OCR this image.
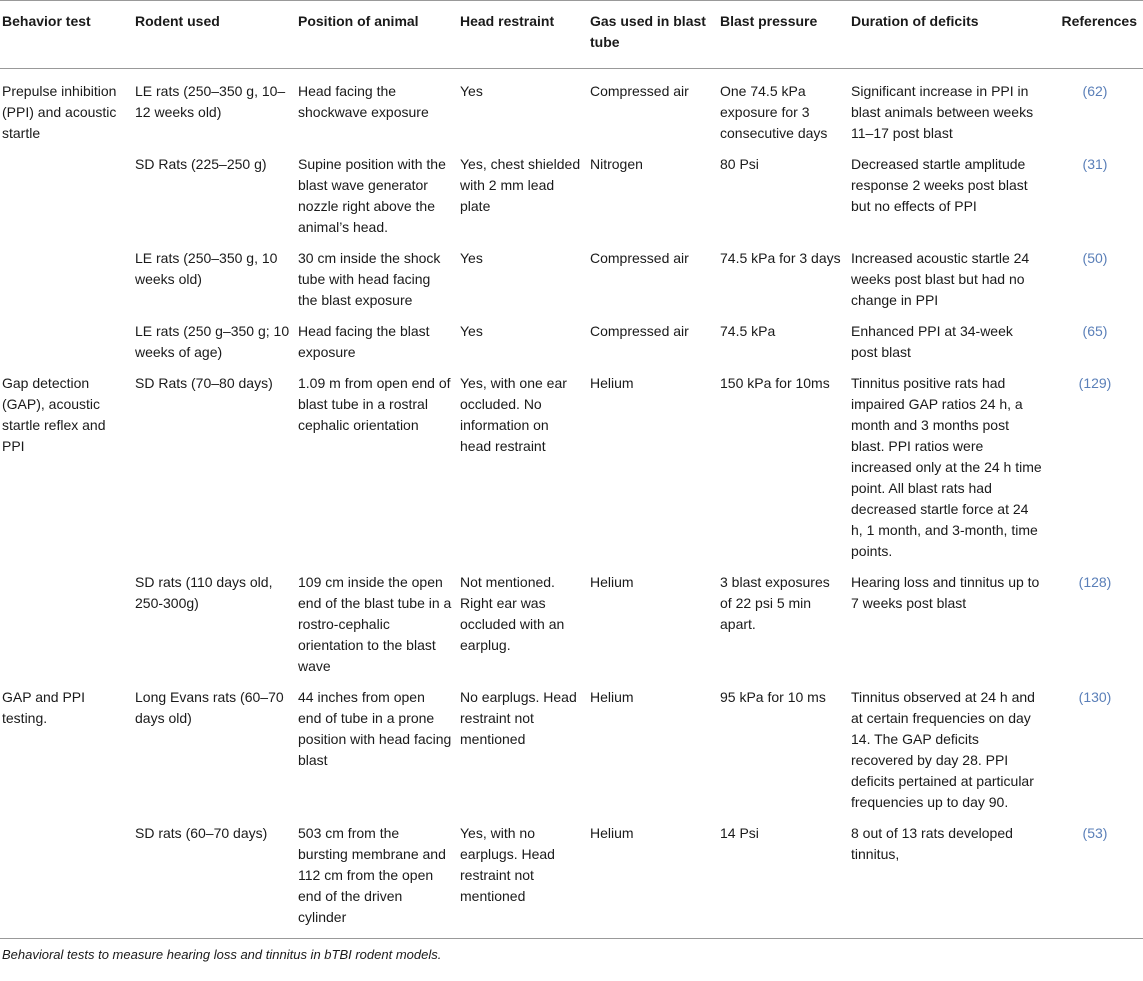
Behavior test	Rodent used	Position of animal	Head restraint	Gas used in blast tube	Blast pressure	Duration of deficits	References
Prepulse inhibition (PPI) and acoustic startle	LE rats (250–350 g, 10–12 weeks old)	Head facing the shockwave exposure	Yes	Compressed air	One 74.5 kPa exposure for 3 consecutive days	Significant increase in PPI in blast animals between weeks 11–17 post blast	(62)
	SD Rats (225–250 g)	Supine position with the blast wave generator nozzle right above the animal’s head.	Yes, chest shielded with 2 mm lead plate	Nitrogen	80 Psi	Decreased startle amplitude response 2 weeks post blast but no effects of PPI	(31)
	LE rats (250–350 g, 10 weeks old)	30 cm inside the shock tube with head facing the blast exposure	Yes	Compressed air	74.5 kPa for 3 days	Increased acoustic startle 24 weeks post blast but had no change in PPI	(50)
	LE rats (250 g–350 g; 10 weeks of age)	Head facing the blast exposure	Yes	Compressed air	74.5 kPa	Enhanced PPI at 34-week post blast	(65)
Gap detection (GAP), acoustic startle reflex and PPI	SD Rats (70–80 days)	1.09 m from open end of blast tube in a rostral cephalic orientation	Yes, with one ear occluded. No information on head restraint	Helium	150 kPa for 10ms	Tinnitus positive rats had impaired GAP ratios 24 h, a month and 3 months post blast. PPI ratios were increased only at the 24 h time point. All blast rats had decreased startle force at 24 h, 1 month, and 3-month, time points.	(129)
	SD rats (110 days old, 250-300g)	109 cm inside the open end of the blast tube in a rostro-cephalic orientation to the blast wave	Not mentioned. Right ear was occluded with an earplug.	Helium	3 blast exposures of 22 psi 5 min apart.	Hearing loss and tinnitus up to 7 weeks post blast	(128)
GAP and PPI testing.	Long Evans rats (60–70 days old)	44 inches from open end of tube in a prone position with head facing blast	No earplugs. Head restraint not mentioned	Helium	95 kPa for 10 ms	Tinnitus observed at 24 h and at certain frequencies on day 14. The GAP deficits recovered by day 28. PPI deficits pertained at particular frequencies up to day 90.	(130)
	SD rats (60–70 days)	503 cm from the bursting membrane and 112 cm from the open end of the driven cylinder	Yes, with no earplugs. Head restraint not mentioned	Helium	14 Psi	8 out of 13 rats developed tinnitus,	(53)
Behavioral tests to measure hearing loss and tinnitus in bTBI rodent models.
